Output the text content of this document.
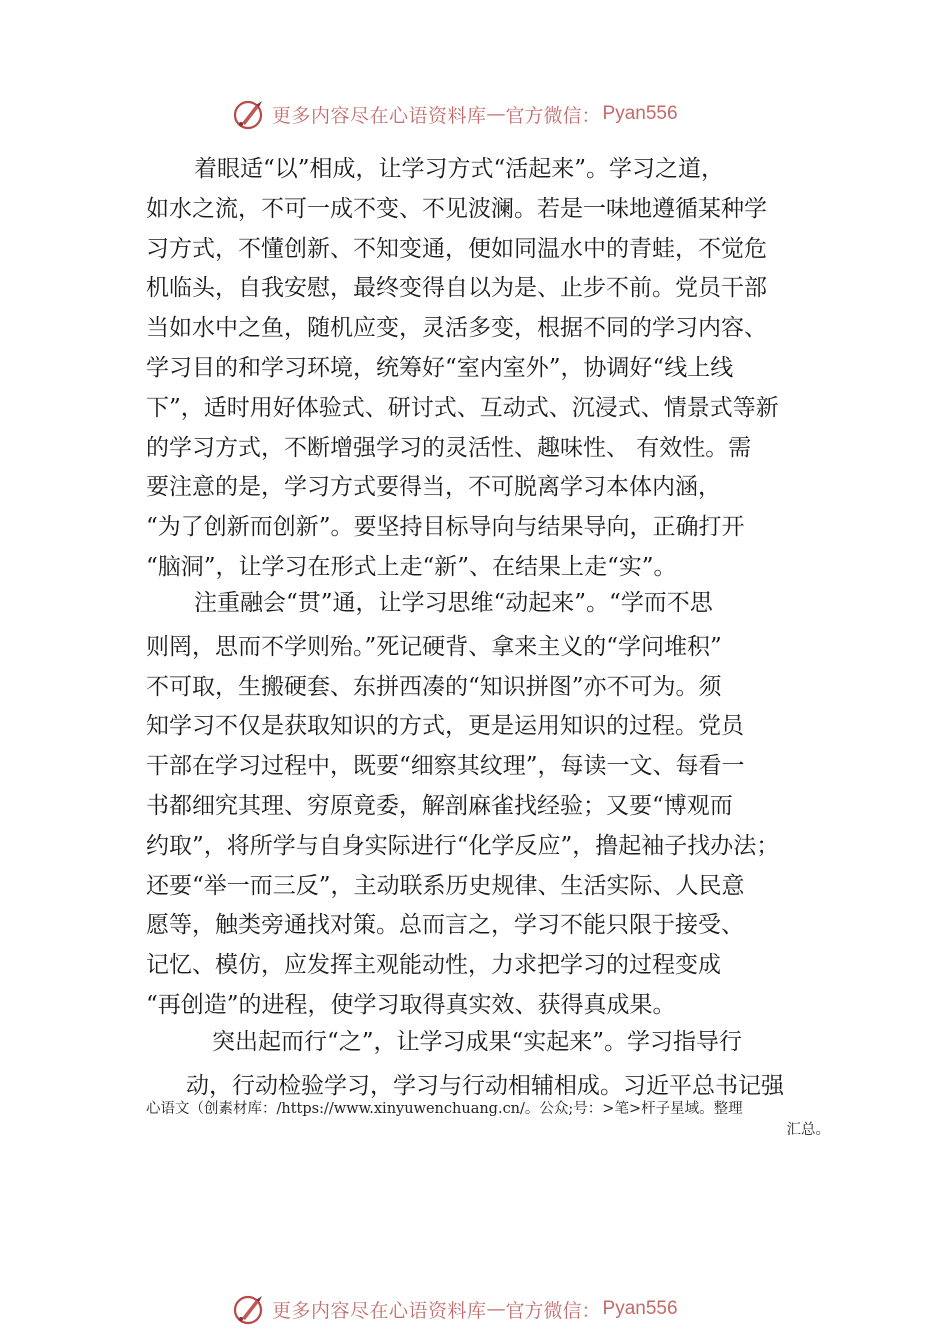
更多内容尽在心语资料库 — 官方微信： Pyan556
着眼适“以”相成，让学习方式“活起来”。学习之道，
如水之流，不可一成不变、不见波澜。若是一味地遵循某种学
习方式，不懂创新、不知变通，便如同温水中的青蛙，不觉危
机临头，自我安慰，最终变得自以为是、止步不前。党员干部
当如水中之鱼，随机应变，灵活多变，根据不同的学习内容、
学习目的和学习环境，统筹好“室内室外”，协调好“线上线
下”，适时用好体验式、研讨式、互动式、沉浸式、情景式等新
的学习方式，不断增强学习的灵活性、趣味性、 有效性。需
要注意的是，学习方式要得当，不可脱离学习本体内涵，
“为了创新而创新”。要坚持目标导向与结果导向，正确打开
“脑洞”，让学习在形式上走“新”、在结果上走“实”。
注重融会“贯”通，让学习思维“动起来”。“学而不思
则罔，思而不学则殆。”死记硬背、拿来主义的“学问堆积”
不可取，生搬硬套、东拼西凑的“知识拼图”亦不可为。须
知学习不仅是获取知识的方式，更是运用知识的过程。党员
干部在学习过程中，既要“细察其纹理”，每读一文、每看一
书都细究其理、穷原竟委，解剖麻雀找经验；又要“博观而
约取”，将所学与自身实际进行“化学反应”，撸起袖子找办法；
还要“举一而三反”，主动联系历史规律、生活实际、人民意
愿等，触类旁通找对策。总而言之，学习不能只限于接受、
记忆、模仿，应发挥主观能动性，力求把学习的过程变成
“再创造”的进程，使学习取得真实效、获得真成果。
突出起而行“之”，让学习成果“实起来”。学习指导行
动，行动检验学习，学习与行动相辅相成。习近平总书记强
心语文（创素材库：/https://www.xinyuwenchuang.cn/。公众;号：>笔>杆子星域。整理
汇总。
更多内容尽在心语资料库 — 官方微信： Pyan556
